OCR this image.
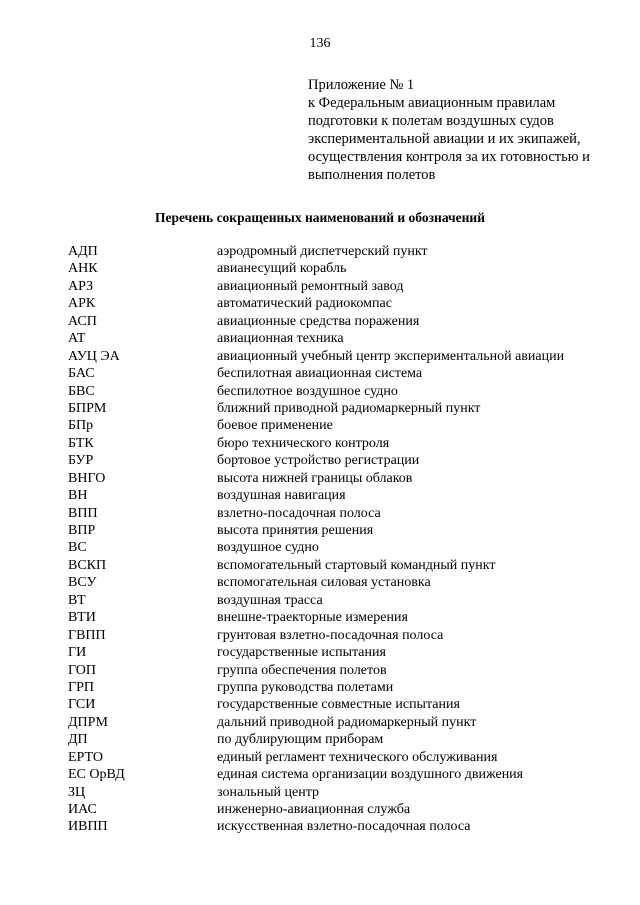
136
Приложение № 1
к Федеральным авиационным правилам
подготовки к полетам воздушных судов
экспериментальной авиации и их экипажей,
осуществления контроля за их готовностью и
выполнения полетов
Перечень сокращенных наименований и обозначений
АДП	аэродромный диспетчерский пункт
АНК	авианесущий корабль
АРЗ	авиационный ремонтный завод
АРК	автоматический радиокомпас
АСП	авиационные средства поражения
АТ	авиационная техника
АУЦ ЭА	авиационный учебный центр экспериментальной авиации
БАС	беспилотная авиационная система
БВС	беспилотное воздушное судно
БПРМ	ближний приводной радиомаркерный пункт
БПр	боевое применение
БТК	бюро технического контроля
БУР	бортовое устройство регистрации
ВНГО	высота нижней границы облаков
ВН	воздушная навигация
ВПП	взлетно-посадочная полоса
ВПР	высота принятия решения
ВС	воздушное судно
ВСКП	вспомогательный стартовый командный пункт
ВСУ	вспомогательная силовая установка
ВТ	воздушная трасса
ВТИ	внешне-траекторные измерения
ГВПП	грунтовая взлетно-посадочная полоса
ГИ	государственные испытания
ГОП	группа обеспечения полетов
ГРП	группа руководства полетами
ГСИ	государственные совместные испытания
ДПРМ	дальний приводной радиомаркерный пункт
ДП	по дублирующим приборам
ЕРТО	единый регламент технического обслуживания
ЕС ОрВД	единая система организации воздушного движения
ЗЦ	зональный центр
ИАС	инженерно-авиационная служба
ИВПП	искусственная взлетно-посадочная полоса
